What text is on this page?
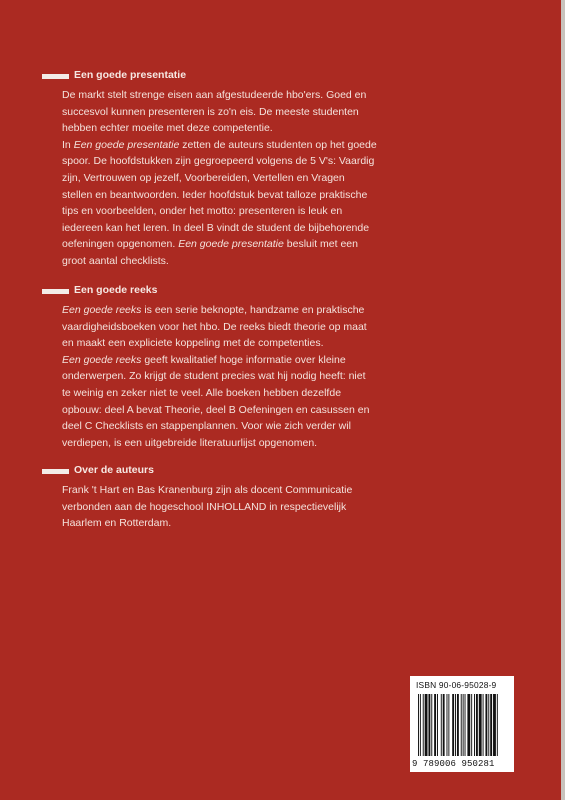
Een goede presentatie

De markt stelt strenge eisen aan afgestudeerde hbo'ers. Goed en

succesvol kunnen presenteren is zo'n eis. De meeste studenten

hebben echter moeite met deze competentie.

In Een goede presentatie zetten de auteurs studenten op het goede

spoor. De hoofdstukken zijn gegroepeerd volgens de 5 V's: Vaardig

zijn, Vertrouwen op jezelf, Voorbereiden, Vertellen en Vragen

stellen en beantwoorden. Ieder hoofdstuk bevat talloze praktische

tips en voorbeelden, onder het motto: presenteren is leuk en

iedereen kan het leren. In deel B vindt de student de bijbehorende

oefeningen opgenomen. Een goede presentatie besluit met een

groot aantal checklists.

Een goede reeks

Een goede reeks is een serie beknopte, handzame en praktische

vaardigheidsboeken voor het hbo. De reeks biedt theorie op maat

en maakt een expliciete koppeling met de competenties.

Een goede reeks geeft kwalitatief hoge informatie over kleine

onderwerpen. Zo krijgt de student precies wat hij nodig heeft: niet

te weinig en zeker niet te veel. Alle boeken hebben dezelfde

opbouw: deel A bevat Theorie, deel B Oefeningen en casussen en

deel C Checklists en stappenplannen. Voor wie zich verder wil

verdiepen, is een uitgebreide literatuurlijst opgenomen.

Over de auteurs

Frank 't Hart en Bas Kranenburg zijn als docent Communicatie

verbonden aan de hogeschool INHOLLAND in respectievelijk

Haarlem en Rotterdam.

ISBN 90-06-95028-9
9 789006 950281
